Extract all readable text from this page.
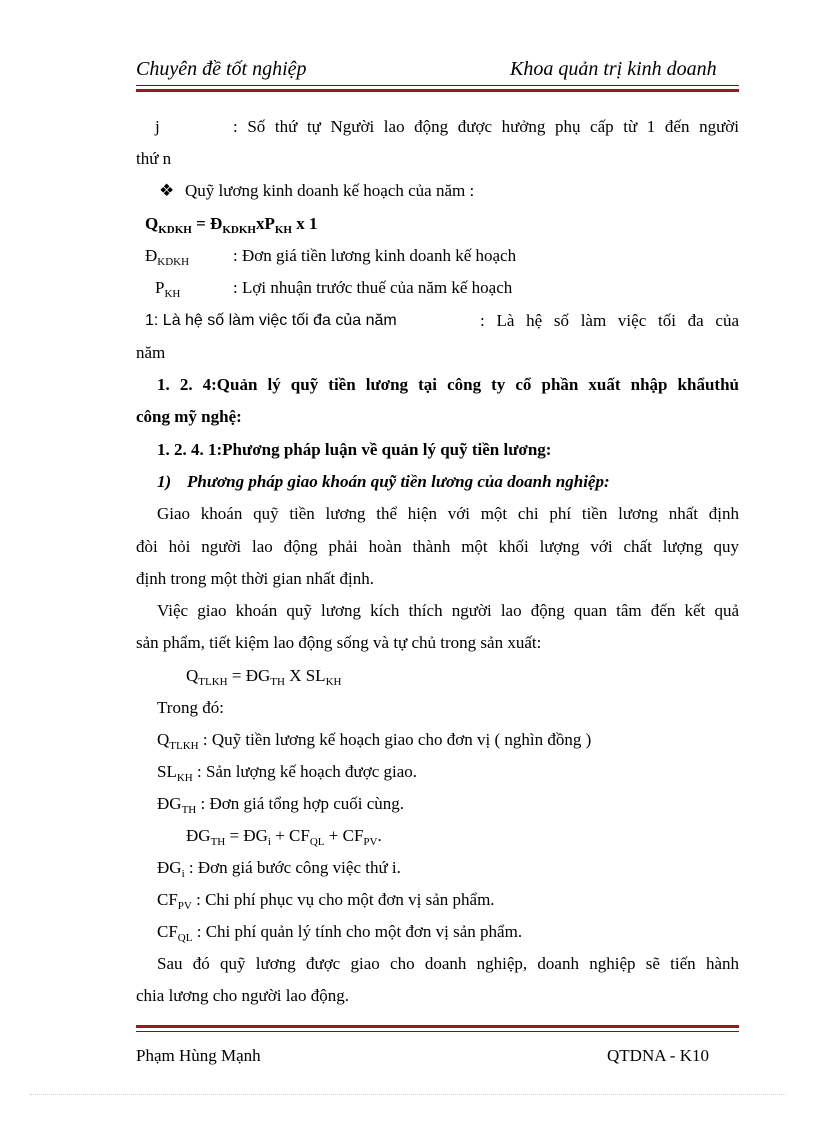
Chuyên đề tốt nghiệp	Khoa quản trị kinh doanh
j	: Số thứ tự Người lao động được hưởng phụ cấp từ 1 đến người
thứ n
❖ Quỹ lương kinh doanh kế hoạch của năm :
$Q_{KDKH}$ = $Đ_{KDKH}xP_{KH}$ x 1
$Đ_{KDKH}$	: Đơn giá tiền lương kinh doanh kế hoạch
$P_{KH}$	: Lợi nhuận trước thuế của năm kế hoạch
1: Là hệ số làm việc tối đa của năm	: Là hệ số làm việc tối đa của
năm
1. 2. 4:Quản lý quỹ tiền lương tại công ty cổ phần xuất nhập khẩuthủ
công mỹ nghệ:
1. 2. 4. 1:Phương pháp luận về quản lý quỹ tiền lương:
1) Phương pháp giao khoán quỹ tiền lương của doanh nghiệp:
Giao khoán quỹ tiền lương thể hiện với một chi phí tiền lương nhất định
đòi hỏi người lao động phải hoàn thành một khối lượng với chất lượng quy
định trong một thời gian nhất định.
Việc giao khoán quỹ lương kích thích người lao động quan tâm đến kết quả
sản phẩm, tiết kiệm lao động sống và tự chủ trong sản xuất:
$Q_{TLKH}$ = $ĐG_{TH}$ X $SL_{KH}$
Trong đó:
$Q_{TLKH}$ : Quỹ tiền lương kế hoạch giao cho đơn vị ( nghìn đồng )
$SL_{KH}$ : Sản lượng kế hoạch được giao.
$ĐG_{TH}$ : Đơn giá tổng hợp cuối cùng.
$ĐG_{TH}$ = $ĐG_i + CF_{QL} + CF_{PV}$.
$ĐG_i$ : Đơn giá bước công việc thứ i.
$CF_{PV}$ : Chi phí phục vụ cho một đơn vị sản phẩm.
$CF_{QL}$ : Chi phí quản lý tính cho một đơn vị sản phẩm.
Sau đó quỹ lương được giao cho doanh nghiệp, doanh nghiệp sẽ tiến hành
chia lương cho người lao động.
Phạm Hùng Mạnh	QTDNA - K10
